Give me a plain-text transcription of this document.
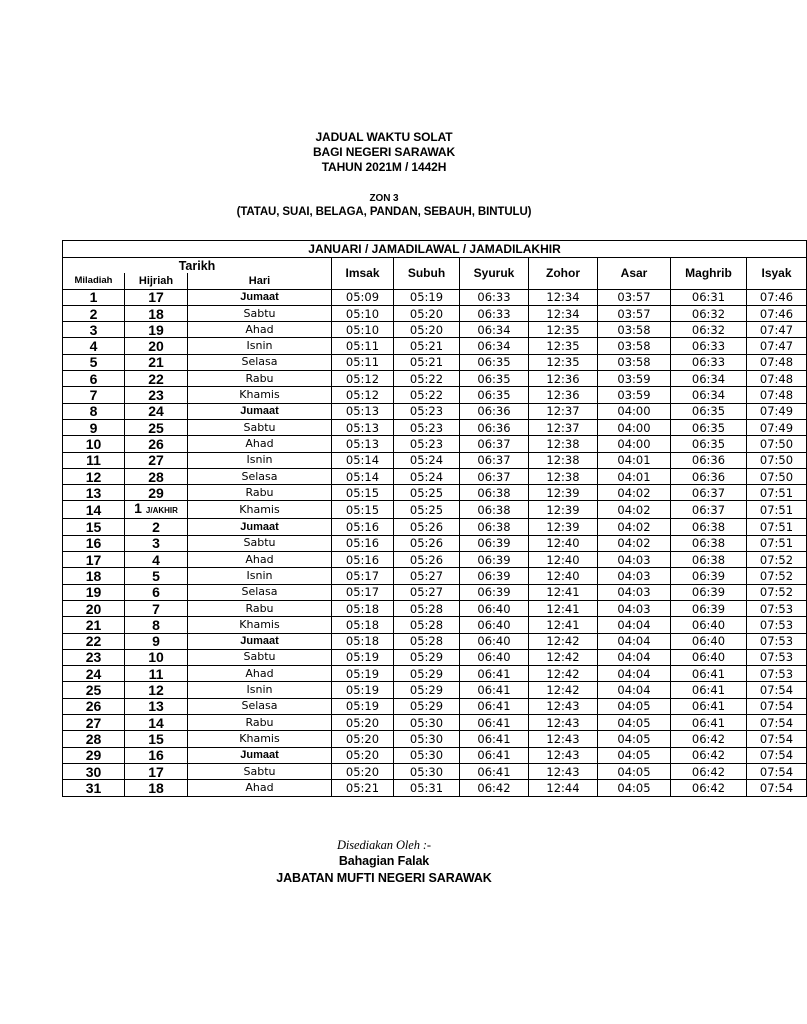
JADUAL WAKTU SOLAT
BAGI NEGERI SARAWAK
TAHUN 2021M / 1442H
ZON 3
(TATAU, SUAI, BELAGA, PANDAN, SEBAUH, BINTULU)
JANUARI / JAMADILAWAL / JAMADILAKHIR									
Tarikh			Imsak	Subuh	Syuruk	Zohor	Asar	Maghrib	Isyak
Miladiah	Hijriah	Hari							
1	17	Jumaat	05:09	05:19	06:33	12:34	03:57	06:31	07:46
2	18	Sabtu	05:10	05:20	06:33	12:34	03:57	06:32	07:46
3	19	Ahad	05:10	05:20	06:34	12:35	03:58	06:32	07:47
4	20	Isnin	05:11	05:21	06:34	12:35	03:58	06:33	07:47
5	21	Selasa	05:11	05:21	06:35	12:35	03:58	06:33	07:48
6	22	Rabu	05:12	05:22	06:35	12:36	03:59	06:34	07:48
7	23	Khamis	05:12	05:22	06:35	12:36	03:59	06:34	07:48
8	24	Jumaat	05:13	05:23	06:36	12:37	04:00	06:35	07:49
9	25	Sabtu	05:13	05:23	06:36	12:37	04:00	06:35	07:49
10	26	Ahad	05:13	05:23	06:37	12:38	04:00	06:35	07:50
11	27	Isnin	05:14	05:24	06:37	12:38	04:01	06:36	07:50
12	28	Selasa	05:14	05:24	06:37	12:38	04:01	06:36	07:50
13	29	Rabu	05:15	05:25	06:38	12:39	04:02	06:37	07:51
14	1 J/AKHIR	Khamis	05:15	05:25	06:38	12:39	04:02	06:37	07:51
15	2	Jumaat	05:16	05:26	06:38	12:39	04:02	06:38	07:51
16	3	Sabtu	05:16	05:26	06:39	12:40	04:02	06:38	07:51
17	4	Ahad	05:16	05:26	06:39	12:40	04:03	06:38	07:52
18	5	Isnin	05:17	05:27	06:39	12:40	04:03	06:39	07:52
19	6	Selasa	05:17	05:27	06:39	12:41	04:03	06:39	07:52
20	7	Rabu	05:18	05:28	06:40	12:41	04:03	06:39	07:53
21	8	Khamis	05:18	05:28	06:40	12:41	04:04	06:40	07:53
22	9	Jumaat	05:18	05:28	06:40	12:42	04:04	06:40	07:53
23	10	Sabtu	05:19	05:29	06:40	12:42	04:04	06:40	07:53
24	11	Ahad	05:19	05:29	06:41	12:42	04:04	06:41	07:53
25	12	Isnin	05:19	05:29	06:41	12:42	04:04	06:41	07:54
26	13	Selasa	05:19	05:29	06:41	12:43	04:05	06:41	07:54
27	14	Rabu	05:20	05:30	06:41	12:43	04:05	06:41	07:54
28	15	Khamis	05:20	05:30	06:41	12:43	04:05	06:42	07:54
29	16	Jumaat	05:20	05:30	06:41	12:43	04:05	06:42	07:54
30	17	Sabtu	05:20	05:30	06:41	12:43	04:05	06:42	07:54
31	18	Ahad	05:21	05:31	06:42	12:44	04:05	06:42	07:54
Disediakan Oleh :-
Bahagian Falak
JABATAN MUFTI NEGERI SARAWAK
